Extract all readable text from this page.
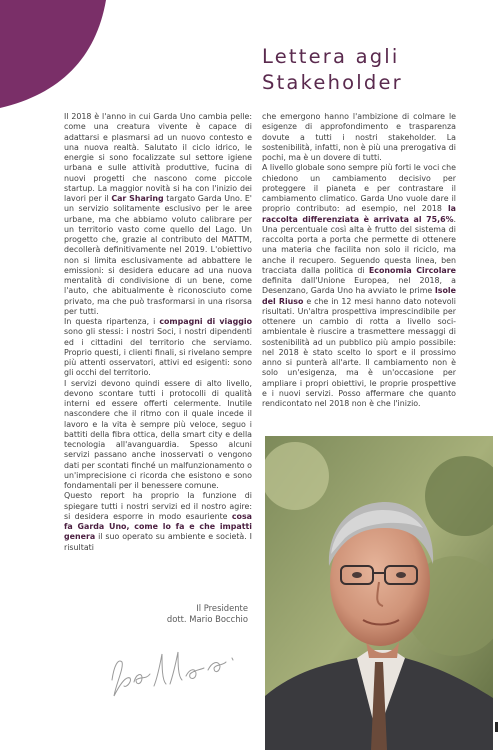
Lettera agli
Stakeholder

Il 2018 è l'anno in cui Garda Uno cambia pelle: come una creatura vivente è capace di adattarsi e plasmarsi ad un nuovo contesto e una nuova realtà. Salutato il ciclo idrico, le energie si sono focalizzate sul settore igiene urbana e sulle attività produttive, fucina di nuovi progetti che nascono come piccole startup. La maggior novità si ha con l'inizio dei lavori per il Car Sharing targato Garda Uno. E' un servizio solitamente esclusivo per le aree urbane, ma che abbiamo voluto calibrare per un territorio vasto come quello del Lago. Un progetto che, grazie al contributo del MATTM, decollerà definitivamente nel 2019. L'obiettivo non si limita esclusivamente ad abbattere le emissioni: si desidera educare ad una nuova mentalità di condivisione di un bene, come l'auto, che abitualmente è riconosciuto come privato, ma che può trasformarsi in una risorsa per tutti.

In questa ripartenza, i compagni di viaggio sono gli stessi: i nostri Soci, i nostri dipendenti ed i cittadini del territorio che serviamo. Proprio questi, i clienti finali, si rivelano sempre più attenti osservatori, attivi ed esigenti: sono gli occhi del territorio.

I servizi devono quindi essere di alto livello, devono scontare tutti i protocolli di qualità interni ed essere offerti celermente. Inutile nascondere che il ritmo con il quale incede il lavoro e la vita è sempre più veloce, seguo i battiti della fibra ottica, della smart city e della tecnologia all'avanguardia. Spesso alcuni servizi passano anche inosservati o vengono dati per scontati finché un malfunzionamento o un'imprecisione ci ricorda che esistono e sono fondamentali per il benessere comune.

Questo report ha proprio la funzione di spiegare tutti i nostri servizi ed il nostro agire: si desidera esporre in modo esauriente cosa fa Garda Uno, come lo fa e che impatti genera il suo operato su ambiente e società. I risultati

che emergono hanno l'ambizione di colmare le esigenze di approfondimento e trasparenza dovute a tutti i nostri stakeholder. La sostenibilità, infatti, non è più una prerogativa di pochi, ma è un dovere di tutti.

A livello globale sono sempre più forti le voci che chiedono un cambiamento decisivo per proteggere il pianeta e per contrastare il cambiamento climatico. Garda Uno vuole dare il proprio contributo: ad esempio, nel 2018 la raccolta differenziata è arrivata al 75,6%. Una percentuale così alta è frutto del sistema di raccolta porta a porta che permette di ottenere una materia che facilita non solo il riciclo, ma anche il recupero. Seguendo questa linea, ben tracciata dalla politica di Economia Circolare definita dall'Unione Europea, nel 2018, a Desenzano, Garda Uno ha avviato le prime Isole del Riuso e che in 12 mesi hanno dato notevoli risultati. Un'altra prospettiva imprescindibile per ottenere un cambio di rotta a livello soci-ambientale è riuscire a trasmettere messaggi di sostenibilità ad un pubblico più ampio possibile: nel 2018 è stato scelto lo sport e il prossimo anno si punterà all'arte. Il cambiamento non è solo un'esigenza, ma è un'occasione per ampliare i propri obiettivi, le proprie prospettive e i nuovi servizi. Posso affermare che quanto rendicontato nel 2018 non è che l'inizio.

Il Presidente
dott. Mario Bocchio
